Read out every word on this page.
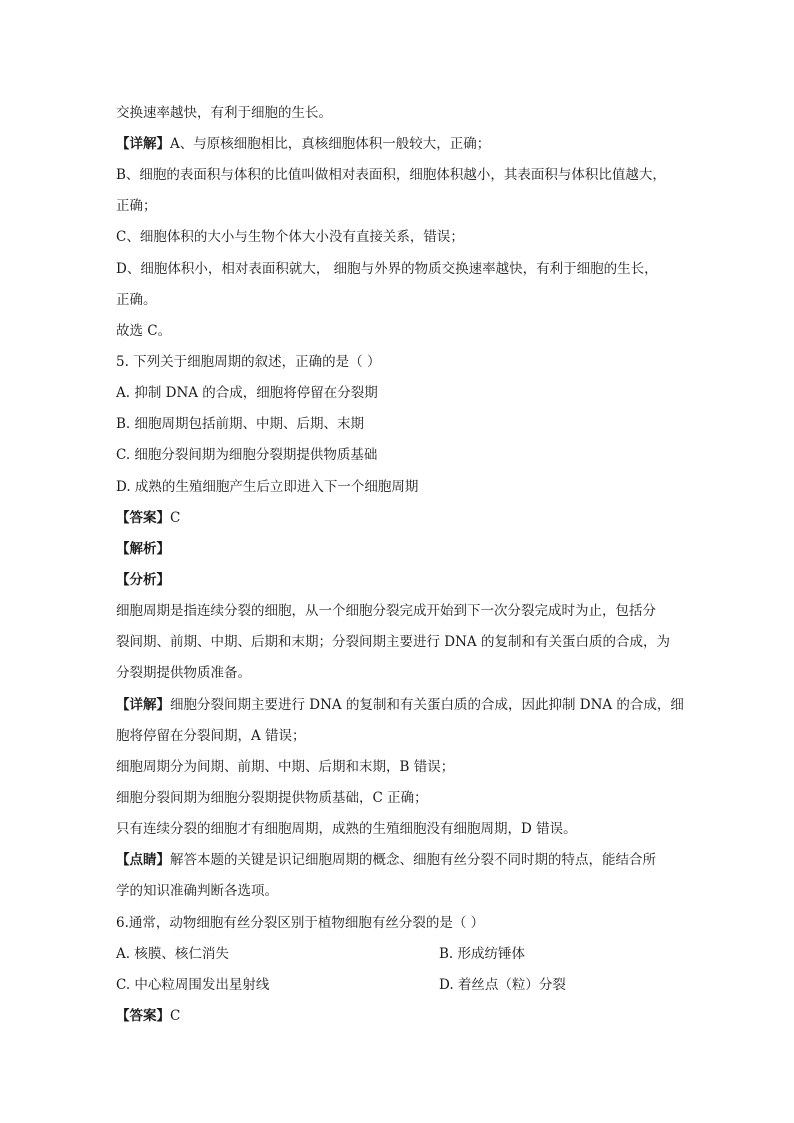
交换速率越快，有利于细胞的生长。
【详解】A、与原核细胞相比，真核细胞体积一般较大，正确；
B、细胞的表面积与体积的比值叫做相对表面积，细胞体积越小，其表面积与体积比值越大，
正确；
C、细胞体积的大小与生物个体大小没有直接关系，错误；
D、细胞体积小，相对表面积就大， 细胞与外界的物质交换速率越快，有利于细胞的生长，
正确。
故选 C。
5. 下列关于细胞周期的叙述，正确的是（ ）
A. 抑制 DNA 的合成，细胞将停留在分裂期
B. 细胞周期包括前期、中期、后期、末期
C. 细胞分裂间期为细胞分裂期提供物质基础
D. 成熟的生殖细胞产生后立即进入下一个细胞周期
【答案】C
【解析】
【分析】
细胞周期是指连续分裂的细胞，从一个细胞分裂完成开始到下一次分裂完成时为止，包括分
裂间期、前期、中期、后期和末期；分裂间期主要进行 DNA 的复制和有关蛋白质的合成，为
分裂期提供物质准备。
【详解】细胞分裂间期主要进行 DNA 的复制和有关蛋白质的合成，因此抑制 DNA 的合成，细
胞将停留在分裂间期，A 错误；
细胞周期分为间期、前期、中期、后期和末期，B 错误；
细胞分裂间期为细胞分裂期提供物质基础，C 正确；
只有连续分裂的细胞才有细胞周期，成熟的生殖细胞没有细胞周期，D 错误。
【点睛】解答本题的关键是识记细胞周期的概念、细胞有丝分裂不同时期的特点，能结合所
学的知识准确判断各选项。
6.通常，动物细胞有丝分裂区别于植物细胞有丝分裂的是（ ）
A. 核膜、核仁消失	B. 形成纺锤体
C. 中心粒周围发出星射线	D. 着丝点（粒）分裂
【答案】C
